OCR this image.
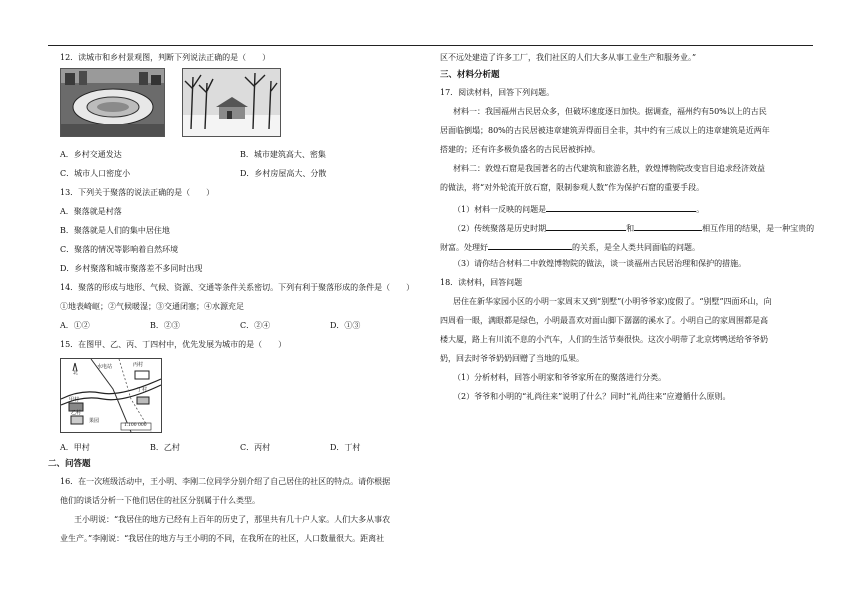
12．读城市和乡村景观图，判断下列说法正确的是（　　）
A．乡村交通发达	B．城市建筑高大、密集
C．城市人口密度小	D．乡村房屋高大、分散
13．下列关于聚落的说法正确的是（　　）
A．聚落就是村落
B．聚落就是人们的集中居住地
C．聚落的情况等影响着自然环境
D．乡村聚落和城市聚落差不多同时出现
14．聚落的形成与地形、气候、资源、交通等条件关系密切。下列有利于聚落形成的条件是（　　）
①地表崎岖；②气候暖湿；③交通闭塞；④水源充足
A．①②	B．②③	C．②④	D．①③
15．在图甲、乙、丙、丁四村中，优先发展为城市的是（　　）
北
水电站	丙村
丁村
甲村
乙村
果园
1∶100 000
A．甲村	B．乙村	C．丙村	D．丁村
二、问答题
16．在一次班级活动中，王小明、李刚二位同学分别介绍了自己居住的社区的特点。请你根据
他们的谈话分析一下他们居住的社区分别属于什么类型。
王小明说：“我居住的地方已经有上百年的历史了，那里共有几十户人家。人们大多从事农
业生产。”李刚说：“我居住的地方与王小明的不同，在我所在的社区，人口数量很大。距离社
区不远处建造了许多工厂，我们社区的人们大多从事工业生产和服务业。”
三、材料分析题
17．阅读材料，回答下列问题。
材料一：我国福州古民居众多，但破坏速度逐日加快。据调查，福州约有50%以上的古民
居面临倒塌；80%的古民居被违章建筑弄得面目全非，其中约有三成以上的违章建筑是近两年
搭建的；还有许多极负盛名的古民居被拆掉。
材料二：敦煌石窟是我国著名的古代建筑和旅游名胜，敦煌博物院改变盲目追求经济效益
的做法，将“对外轮流开放石窟，限制参观人数”作为保护石窟的重要手段。
（1）材料一反映的问题是	。
（2）传统聚落是历史时期	和	相互作用的结果，是一种宝贵的
财富。处理好	的关系，是全人类共同面临的问题。
（3）请你结合材料二中敦煌博物院的做法，谈一谈福州古民居治理和保护的措施。
18．读材料，回答问题
居住在新华家园小区的小明一家周末又到“别墅”(小明爷爷家)度假了。“别墅”四面环山，向
四周看一眼，满眼都是绿色，小明最喜欢对面山脚下潺潺的溪水了。小明自己的家周围都是高
楼大厦，路上有川流不息的小汽车，人们的生活节奏很快。这次小明带了北京烤鸭送给爷爷奶
奶，回去时爷爷奶奶回赠了当地的瓜果。
（1）分析材料，回答小明家和爷爷家所在的聚落进行分类。
（2）爷爷和小明的“礼尚往来”说明了什么？同时“礼尚往来”应遵循什么原则。
